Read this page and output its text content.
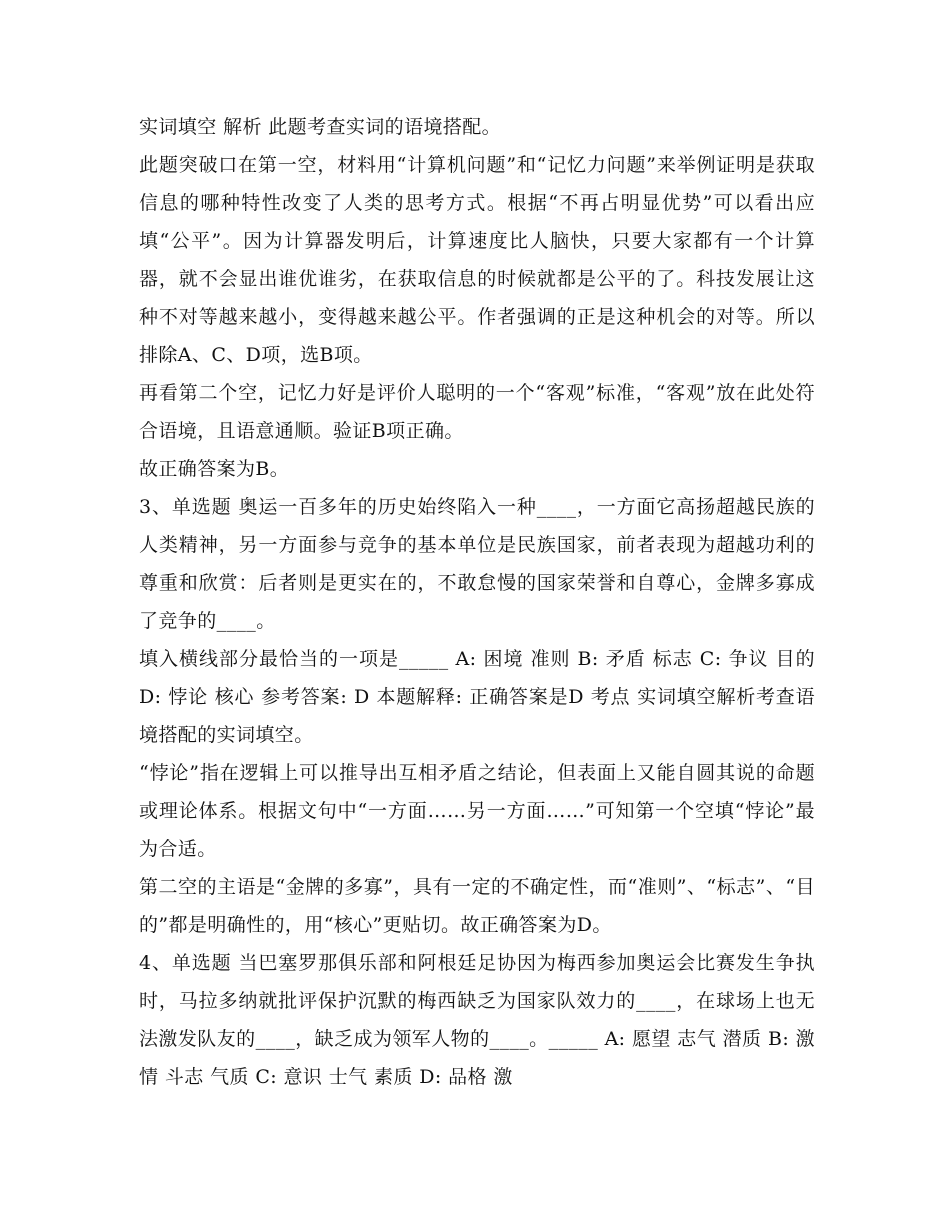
实词填空 解析 此题考查实词的语境搭配。

此题突破口在第一空，材料用“计算机问题”和“记忆力问题”来举例证明是获取信息的哪种特性改变了人类的思考方式。根据“不再占明显优势”可以看出应填“公平”。因为计算器发明后，计算速度比人脑快，只要大家都有一个计算器，就不会显出谁优谁劣，在获取信息的时候就都是公平的了。科技发展让这种不对等越来越小，变得越来越公平。作者强调的正是这种机会的对等。所以排除A、C、D项，选B项。

再看第二个空，记忆力好是评价人聪明的一个“客观”标准，“客观”放在此处符合语境，且语意通顺。验证B项正确。

故正确答案为B。

3、单选题 奥运一百多年的历史始终陷入一种____，一方面它高扬超越民族的人类精神，另一方面参与竞争的基本单位是民族国家，前者表现为超越功利的尊重和欣赏：后者则是更实在的，不敢怠慢的国家荣誉和自尊心，金牌多寡成了竞争的____。

填入横线部分最恰当的一项是_____ A: 困境 准则 B: 矛盾 标志 C: 争议 目的 D: 悖论 核心 参考答案: D 本题解释: 正确答案是D 考点 实词填空解析考查语境搭配的实词填空。

“悖论”指在逻辑上可以推导出互相矛盾之结论，但表面上又能自圆其说的命题或理论体系。根据文句中“一方面……另一方面……”可知第一个空填“悖论”最为合适。

第二空的主语是“金牌的多寡”，具有一定的不确定性，而“准则”、“标志”、“目的”都是明确性的，用“核心”更贴切。故正确答案为D。

4、单选题 当巴塞罗那俱乐部和阿根廷足协因为梅西参加奥运会比赛发生争执时，马拉多纳就批评保护沉默的梅西缺乏为国家队效力的____，在球场上也无法激发队友的____，缺乏成为领军人物的____。_____ A: 愿望 志气 潜质 B: 激情 斗志 气质 C: 意识 士气 素质 D: 品格 激
